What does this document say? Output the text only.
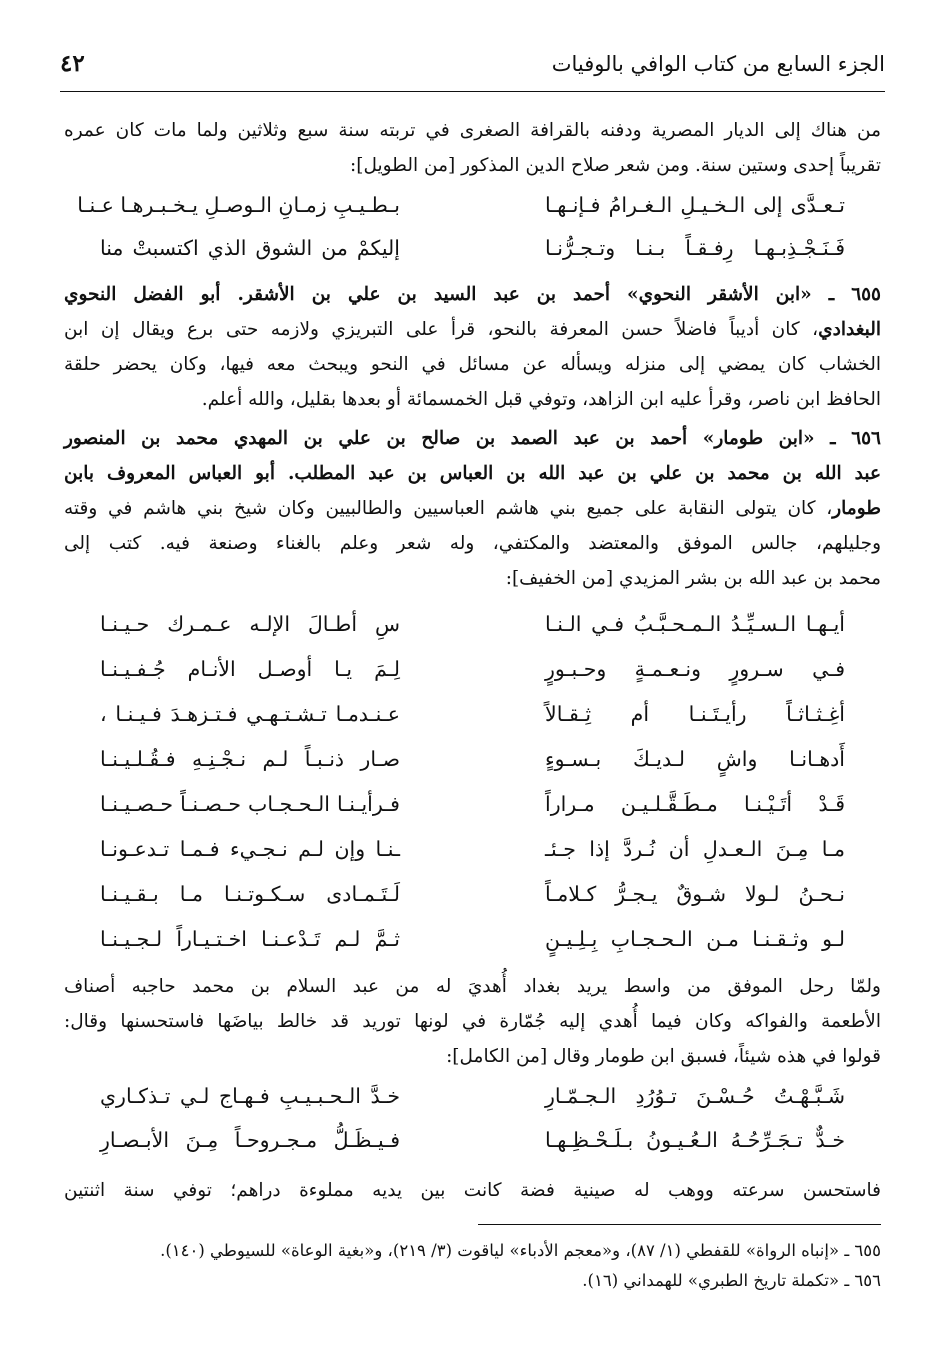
الجزء السابع من كتاب الوافي بالوفيات
٤٢
من هناك إلى الديار المصرية ودفنه بالقرافة الصغرى في تربته سنة سبع وثلاثين ولما مات كان عمره
تقريباً إحدى وستين سنة. ومن شعر صلاح الدين المذكور [من الطويل]:
تـعـدَّى إلى الـخـيـلِ الـغـرامُ فـإنـهـا
بـطـيـبِ زمـانِ الـوصـلِ يـخـبـرهـا عـنـا
فَـنَـجْـذِبـهـا رِفـقـاً بـنـا وتـجـرُّنـا
إليكمْ من الشوق الذي اكتسبتْ منا
٦٥٥ ـ «ابن الأشقر النحوي» أحمد بن عبد السيد بن علي بن الأشقر. أبو الفضل النحوي
البغدادي، كان أديباً فاضلاً حسن المعرفة بالنحو، قرأ على التبريزي ولازمه حتى برع ويقال إن ابن
الخشاب كان يمضي إلى منزله ويسأله عن مسائل في النحو ويبحث معه فيها، وكان يحضر حلقة
الحافظ ابن ناصر، وقرأ عليه ابن الزاهد، وتوفي قبل الخمسمائة أو بعدها بقليل، والله أعلم.
٦٥٦ ـ «ابن طومار» أحمد بن عبد الصمد بن صالح بن علي بن المهدي محمد بن المنصور
عبد الله بن محمد بن علي بن عبد الله بن العباس بن عبد المطلب. أبو العباس المعروف بابن
طومار، كان يتولى النقابة على جميع بني هاشم العباسيين والطالبيين وكان شيخ بني هاشم في وقته
وجليلهم، جالس الموفق والمعتضد والمكتفي، وله شعر وعلم بالغناء وصنعة فيه. كتب إلى
محمد بن عبد الله بن بشر المزيدي [من الخفيف]:
أيـهـا الـسـيِّـدُ الـمـحـبَّـبُ فـي الـنـا
سِ أطـالَ الإلـه عـمـرك حـيـنـا
فـي سـرورٍ ونـعـمـةٍ وحـبـورٍ
لِـمَ يـا أوصـل الأنـام جُـفـيـنـا
أغِـثـاثـاً رأيـتَـنـا أم ثِـقـالاً
عـنـدمـا تـشـتـهـي فـتـزهـدَ فـيـنـا ،
أَدهـانـا واشٍ لـديـكَ بـسـوءٍ
صـار ذنـبـاً لـم نـجْـنِـهِ فـقُـلـيـنـا
قَـدْ أتَـيْـنـا مـطَـقَّـلـيـن مـراراً
فـرأيـنـا الـحـجـاب حـصـنـاً حـصـيـنـا
مـا مِـنَ الـعـدلِ أن نُـردَّ إذا جـئـ
ـنـا وإن لـم نـجـيء فـمـا تـدعـونـا
نـحـنُ لـولا شـوقٌ يـجـرُّ كـلامـاً
لَـتَـمـادى سـكـوتـنـا مـا بـقـيـنـا
لـو وثـقـنـا مـن الـحـجـابِ بِـلِـيـنٍ
ثـمَّ لـم تَـدْعـنـا اخـتـيـاراً لـجـيـنـا
ولمّا رحل الموفق من واسط يريد بغداد أُهديَ له من عبد السلام بن محمد حاجبه أصناف
الأطعمة والفواكه وكان فيما أُهدي إليه جُمّارة في لونها توريد قد خالط بياضَها فاستحسنها وقال:
قولوا في هذه شيئاً، فسبق ابن طومار وقال [من الكامل]:
شَـبَّـهْـتُ حُـسْـنَ تـوُرُدِ الـجـمّـارِ
خـدَّ الـحـبـيـبِ فـهـاج لـي تـذكـاري
خـدٌّ تـجَـرِّحُـهُ الـعُـيـونُ بـلَـحْـظِـهـا
فـيـظَـلُّ مـجـروحـاً مِـنَ الأبـصـارِ
فاستحسن سرعته ووهب له صينية فضة كانت بين يديه مملوءة دراهم؛ توفي سنة اثنتين
٦٥٥ ـ «إنباه الرواة» للقفطي (١/ ٨٧)، و«معجم الأدباء» لياقوت (٣/ ٢١٩)، و«بغية الوعاة» للسيوطي (١٤٠).
٦٥٦ ـ «تكملة تاريخ الطبري» للهمداني (١٦).
